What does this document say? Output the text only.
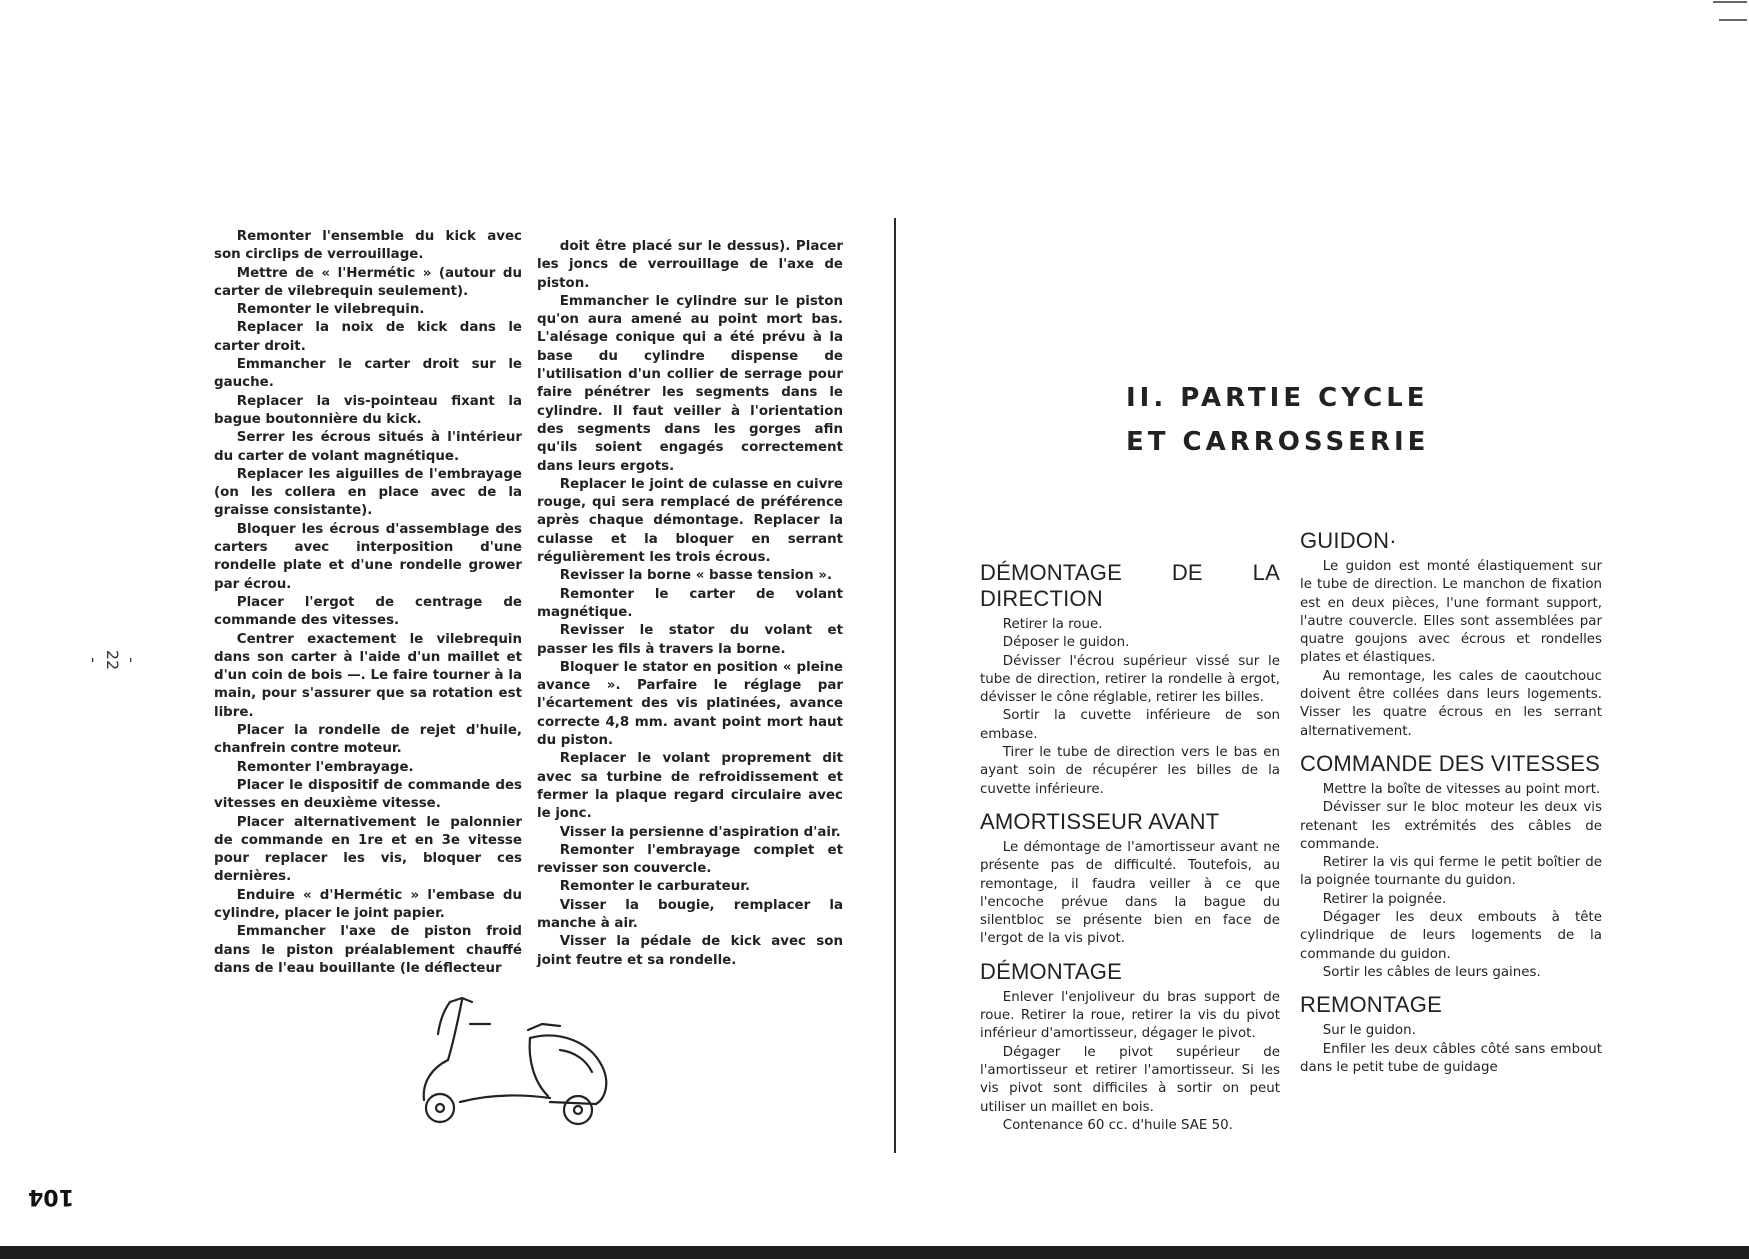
Remonter l'ensemble du kick avec son circlips de verrouillage.

Mettre de « l'Hermétic » (autour du carter de vilebrequin seulement).

Remonter le vilebrequin.

Replacer la noix de kick dans le carter droit.

Emmancher le carter droit sur le gauche.

Replacer la vis-pointeau fixant la bague boutonnière du kick.

Serrer les écrous situés à l'intérieur du carter de volant magnétique.

Replacer les aiguilles de l'embrayage (on les collera en place avec de la graisse consistante).

Bloquer les écrous d'assemblage des carters avec interposition d'une rondelle plate et d'une rondelle grower par écrou.

Placer l'ergot de centrage de commande des vitesses.

Centrer exactement le vilebrequin dans son carter à l'aide d'un maillet et d'un coin de bois —. Le faire tourner à la main, pour s'assurer que sa rotation est libre.

Placer la rondelle de rejet d'huile, chanfrein contre moteur.

Remonter l'embrayage.

Placer le dispositif de commande des vitesses en deuxième vitesse.

Placer alternativement le palonnier de commande en 1re et en 3e vitesse pour replacer les vis, bloquer ces dernières.

Enduire « d'Hermétic » l'embase du cylindre, placer le joint papier.

Emmancher l'axe de piston froid dans le piston préalablement chauffé dans de l'eau bouillante (le déflecteur

doit être placé sur le dessus). Placer les joncs de verrouillage de l'axe de piston.

Emmancher le cylindre sur le piston qu'on aura amené au point mort bas. L'alésage conique qui a été prévu à la base du cylindre dispense de l'utilisation d'un collier de serrage pour faire pénétrer les segments dans le cylindre. Il faut veiller à l'orientation des segments dans les gorges afin qu'ils soient engagés correctement dans leurs ergots.

Replacer le joint de culasse en cuivre rouge, qui sera remplacé de préférence après chaque démontage. Replacer la culasse et la bloquer en serrant régulièrement les trois écrous.

Revisser la borne « basse tension ».

Remonter le carter de volant magnétique.

Revisser le stator du volant et passer les fils à travers la borne.

Bloquer le stator en position « pleine avance ». Parfaire le réglage par l'écartement des vis platinées, avance correcte 4,8 mm. avant point mort haut du piston.

Replacer le volant proprement dit avec sa turbine de refroidissement et fermer la plaque regard circulaire avec le jonc.

Visser la persienne d'aspiration d'air.

Remonter l'embrayage complet et revisser son couvercle.

Remonter le carburateur.

Visser la bougie, remplacer la manche à air.

Visser la pédale de kick avec son joint feutre et sa rondelle.

II. PARTIE CYCLE
ET CARROSSERIE
DÉMONTAGE DE LA DIRECTION

Retirer la roue.

Déposer le guidon.

Dévisser l'écrou supérieur vissé sur le tube de direction, retirer la rondelle à ergot, dévisser le cône réglable, retirer les billes.

Sortir la cuvette inférieure de son embase.

Tirer le tube de direction vers le bas en ayant soin de récupérer les billes de la cuvette inférieure.

AMORTISSEUR AVANT

Le démontage de l'amortisseur avant ne présente pas de difficulté. Toutefois, au remontage, il faudra veiller à ce que l'encoche prévue dans la bague du silentbloc se présente bien en face de l'ergot de la vis pivot.

DÉMONTAGE

Enlever l'enjoliveur du bras support de roue. Retirer la roue, retirer la vis du pivot inférieur d'amortisseur, dégager le pivot.

Dégager le pivot supérieur de l'amortisseur et retirer l'amortisseur. Si les vis pivot sont difficiles à sortir on peut utiliser un maillet en bois.

Contenance 60 cc. d'huile SAE 50.

GUIDON·

Le guidon est monté élastiquement sur le tube de direction. Le manchon de fixation est en deux pièces, l'une formant support, l'autre couvercle. Elles sont assemblées par quatre goujons avec écrous et rondelles plates et élastiques.

Au remontage, les cales de caoutchouc doivent être collées dans leurs logements. Visser les quatre écrous en les serrant alternativement.

COMMANDE DES VITESSES

Mettre la boîte de vitesses au point mort.

Dévisser sur le bloc moteur les deux vis retenant les extrémités des câbles de commande.

Retirer la vis qui ferme le petit boîtier de la poignée tournante du guidon.

Retirer la poignée.

Dégager les deux embouts à tête cylindrique de leurs logements de la commande du guidon.

Sortir les câbles de leurs gaines.

REMONTAGE

Sur le guidon.

Enfiler les deux câbles côté sans embout dans le petit tube de guidage

- 22 -
104
